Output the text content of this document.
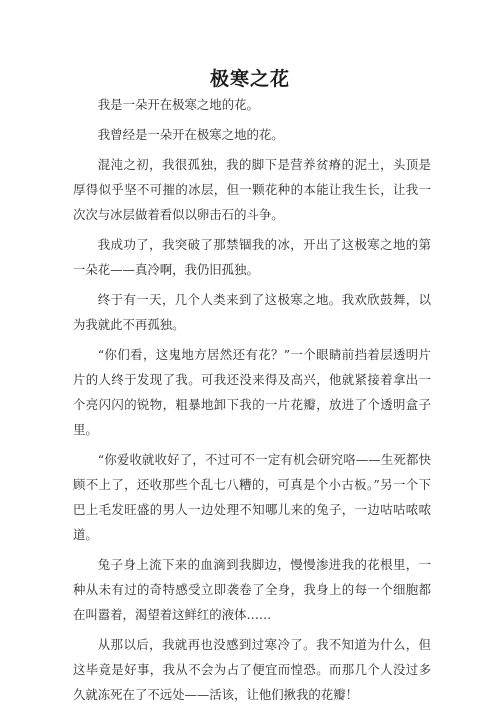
极寒之花

我是一朵开在极寒之地的花。

我曾经是一朵开在极寒之地的花。

混沌之初，我很孤独，我的脚下是营养贫瘠的泥土，头顶是厚得似乎坚不可摧的冰层，但一颗花种的本能让我生长，让我一次次与冰层做着看似以卵击石的斗争。

我成功了，我突破了那禁锢我的冰，开出了这极寒之地的第一朵花——真冷啊，我仍旧孤独。

终于有一天，几个人类来到了这极寒之地。我欢欣鼓舞，以为我就此不再孤独。

“你们看，这鬼地方居然还有花？”一个眼睛前挡着层透明片片的人终于发现了我。可我还没来得及高兴，他就紧接着拿出一个亮闪闪的锐物，粗暴地卸下我的一片花瓣，放进了个透明盒子里。

“你爱收就收好了，不过可不一定有机会研究咯——生死都快顾不上了，还收那些个乱七八糟的，可真是个小古板。”另一个下巴上毛发旺盛的男人一边处理不知哪儿来的兔子，一边咕咕哝哝道。

兔子身上流下来的血滴到我脚边，慢慢渗进我的花根里，一种从未有过的奇特感受立即袭卷了全身，我身上的每一个细胞都在叫嚣着，渴望着这鲜红的液体……

从那以后，我就再也没感到过寒冷了。我不知道为什么，但这毕竟是好事，我从不会为占了便宜而惶恐。而那几个人没过多久就冻死在了不远处——活该，让他们揪我的花瓣！
